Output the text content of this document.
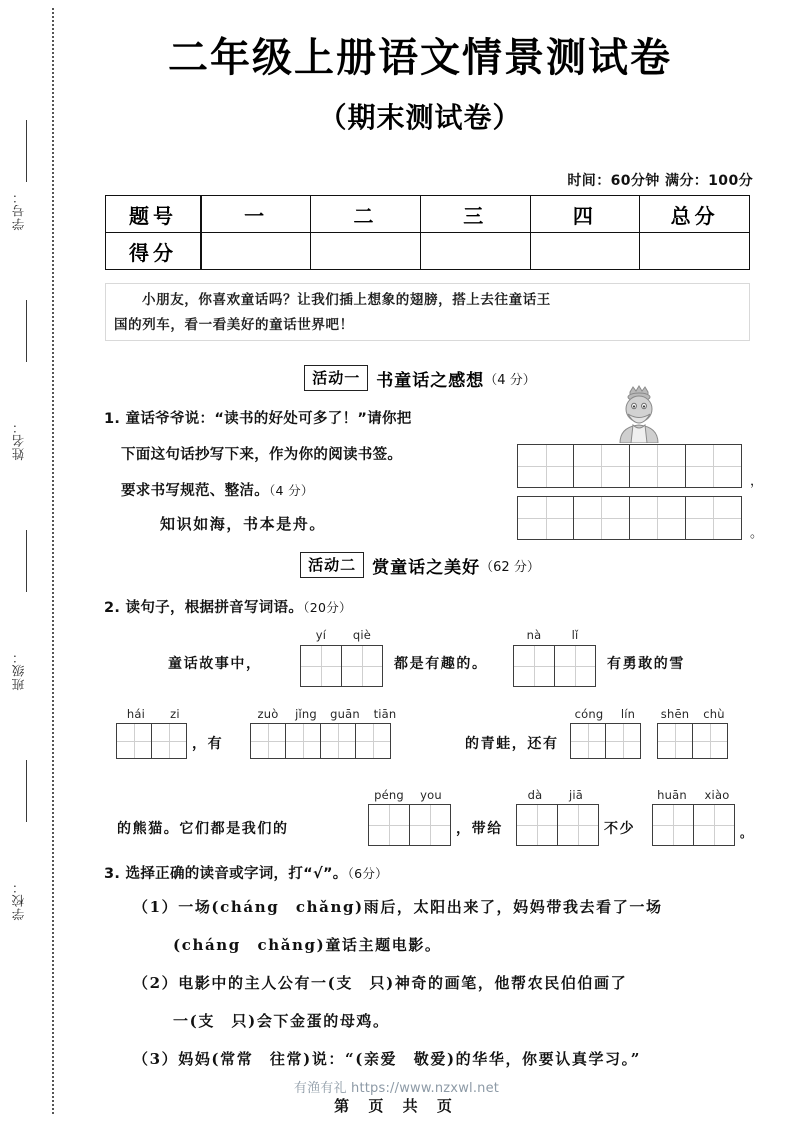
学号：
姓名：
班级：
学校：
二年级上册语文情景测试卷
（期末测试卷）
时间：60分钟 满分：100分
题号	一	二	三	四	总分
得分					

小朋友，你喜欢童话吗？让我们插上想象的翅膀，搭上去往童话王

国的列车，看一看美好的童话世界吧！

活动一 书童话之感想（4 分）
1. 童话爷爷说：“读书的好处可多了！”请你把
下面这句话抄写下来，作为你的阅读书签。
要求书写规范、整洁。（4 分）
知识如海，书本是舟。
，
。
活动二 赏童话之美好（62 分）
2. 读句子，根据拼音写词语。（20分）
童话故事中，
yí	qiè
都是有趣的。
nà	lǐ
有勇敢的雪
hái	zi
，有
zuò	jǐng	guān	tiān
的青蛙，还有
cóng	lín	shēn	chù
的熊猫。它们都是我们的
péng	you
，带给
dà	jiā
不少
huān	xiào
。
3. 选择正确的读音或字词，打“√”。（6分）
（1）一场(cháng　chǎng)雨后，太阳出来了，妈妈带我去看了一场
　　 (cháng　chǎng)童话主题电影。
（2）电影中的主人公有一(支　只)神奇的画笔，他帮农民伯伯画了
　　 一(支　只)会下金蛋的母鸡。
（3）妈妈(常常　往常)说：“(亲爱　敬爱)的华华，你要认真学习。”
有渔有礼 https://www.nzxwl.net
第 页 共 页
